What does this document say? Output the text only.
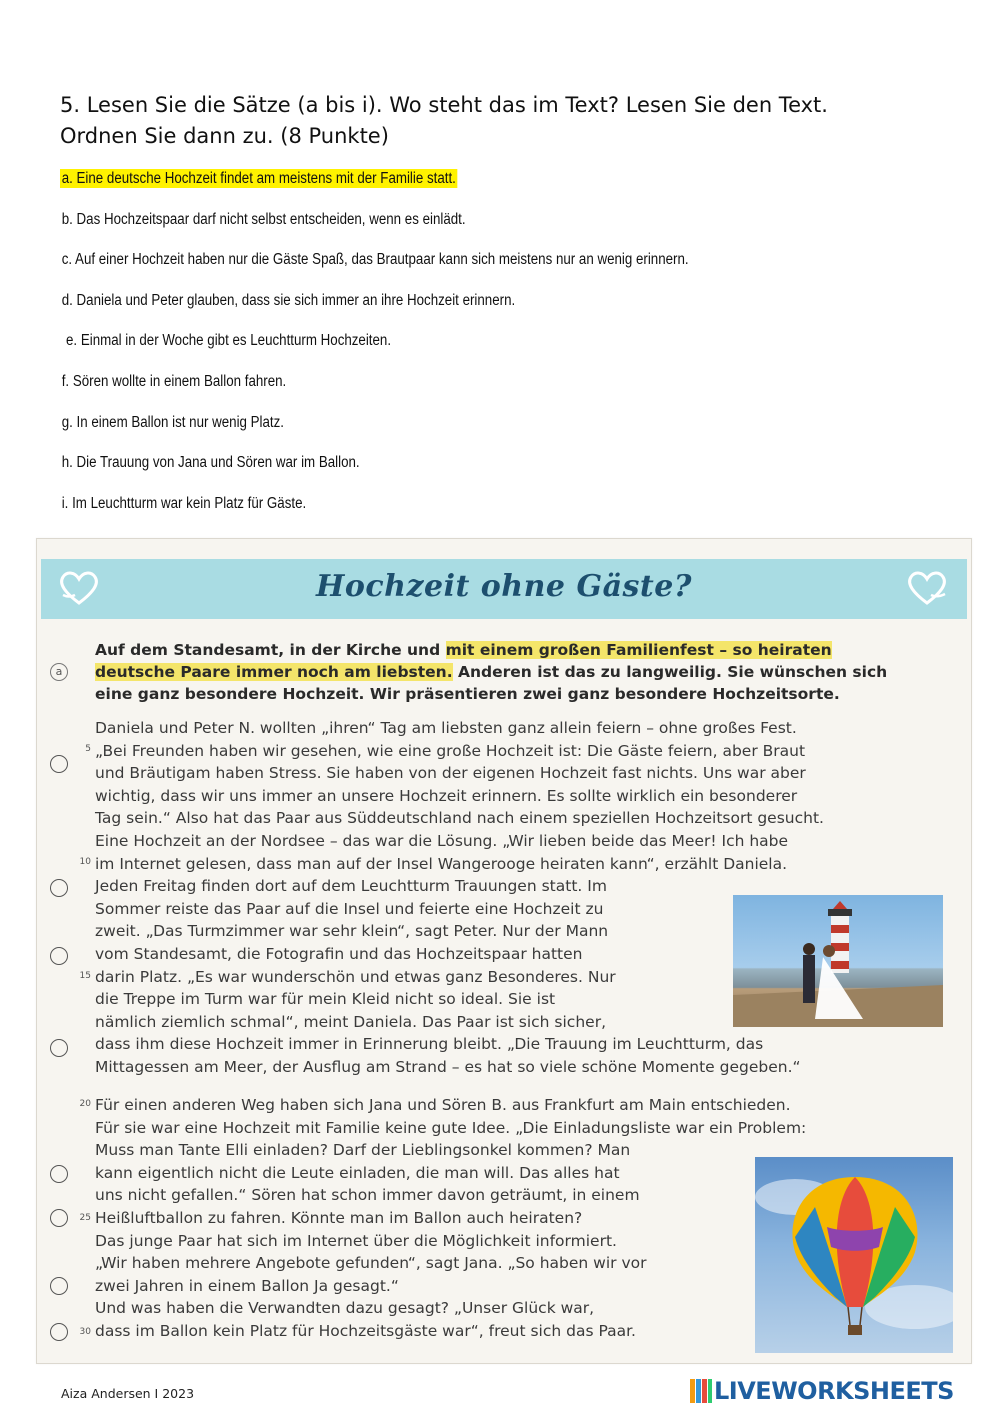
5. Lesen Sie die Sätze (a bis i). Wo steht das im Text? Lesen Sie den Text.
Ordnen Sie dann zu. (8 Punkte)
a. Eine deutsche Hochzeit findet am meistens mit der Familie statt.
b. Das Hochzeitspaar darf nicht selbst entscheiden, wenn es einlädt.
c. Auf einer Hochzeit haben nur die Gäste Spaß, das Brautpaar kann sich meistens nur an wenig erinnern.
d. Daniela und Peter glauben, dass sie sich immer an ihre Hochzeit erinnern.
e. Einmal in der Woche gibt es Leuchtturm Hochzeiten.
f. Sören wollte in einem Ballon fahren.
g. In einem Ballon ist nur wenig Platz.
h. Die Trauung von Jana und Sören war im Ballon.
i. Im Leuchtturm war kein Platz für Gäste.
Hochzeit ohne Gäste?
a
Auf dem Standesamt, in der Kirche und mit einem großen Familienfest – so heiraten
deutsche Paare immer noch am liebsten. Anderen ist das zu langweilig. Sie wünschen sich
eine ganz besondere Hochzeit. Wir präsentieren zwei ganz besondere Hochzeitsorte.
5
10
15
20
25
30
Daniela und Peter N. wollten „ihren“ Tag am liebsten ganz allein feiern – ohne großes Fest.
„Bei Freunden haben wir gesehen, wie eine große Hochzeit ist: Die Gäste feiern, aber Braut
und Bräutigam haben Stress. Sie haben von der eigenen Hochzeit fast nichts. Uns war aber
wichtig, dass wir uns immer an unsere Hochzeit erinnern. Es sollte wirklich ein besonderer
Tag sein.“ Also hat das Paar aus Süddeutschland nach einem speziellen Hochzeitsort gesucht.
Eine Hochzeit an der Nordsee – das war die Lösung. „Wir lieben beide das Meer! Ich habe
im Internet gelesen, dass man auf der Insel Wangerooge heiraten kann“, erzählt Daniela.
Jeden Freitag finden dort auf dem Leuchtturm Trauungen statt. Im
Sommer reiste das Paar auf die Insel und feierte eine Hochzeit zu
zweit. „Das Turmzimmer war sehr klein“, sagt Peter. Nur der Mann
vom Standesamt, die Fotografin und das Hochzeitspaar hatten
darin Platz. „Es war wunderschön und etwas ganz Besonderes. Nur
die Treppe im Turm war für mein Kleid nicht so ideal. Sie ist
nämlich ziemlich schmal“, meint Daniela. Das Paar ist sich sicher,
dass ihm diese Hochzeit immer in Erinnerung bleibt. „Die Trauung im Leuchtturm, das
Mittagessen am Meer, der Ausflug am Strand – es hat so viele schöne Momente gegeben.“
Für einen anderen Weg haben sich Jana und Sören B. aus Frankfurt am Main entschieden.
Für sie war eine Hochzeit mit Familie keine gute Idee. „Die Einladungsliste war ein Problem:
Muss man Tante Elli einladen? Darf der Lieblingsonkel kommen? Man
kann eigentlich nicht die Leute einladen, die man will. Das alles hat
uns nicht gefallen.“ Sören hat schon immer davon geträumt, in einem
Heißluftballon zu fahren. Könnte man im Ballon auch heiraten?
Das junge Paar hat sich im Internet über die Möglichkeit informiert.
„Wir haben mehrere Angebote gefunden“, sagt Jana. „So haben wir vor
zwei Jahren in einem Ballon Ja gesagt.“
Und was haben die Verwandten dazu gesagt? „Unser Glück war,
dass im Ballon kein Platz für Hochzeitsgäste war“, freut sich das Paar.
Aiza Andersen I 2023	LIVEWORKSHEETS
